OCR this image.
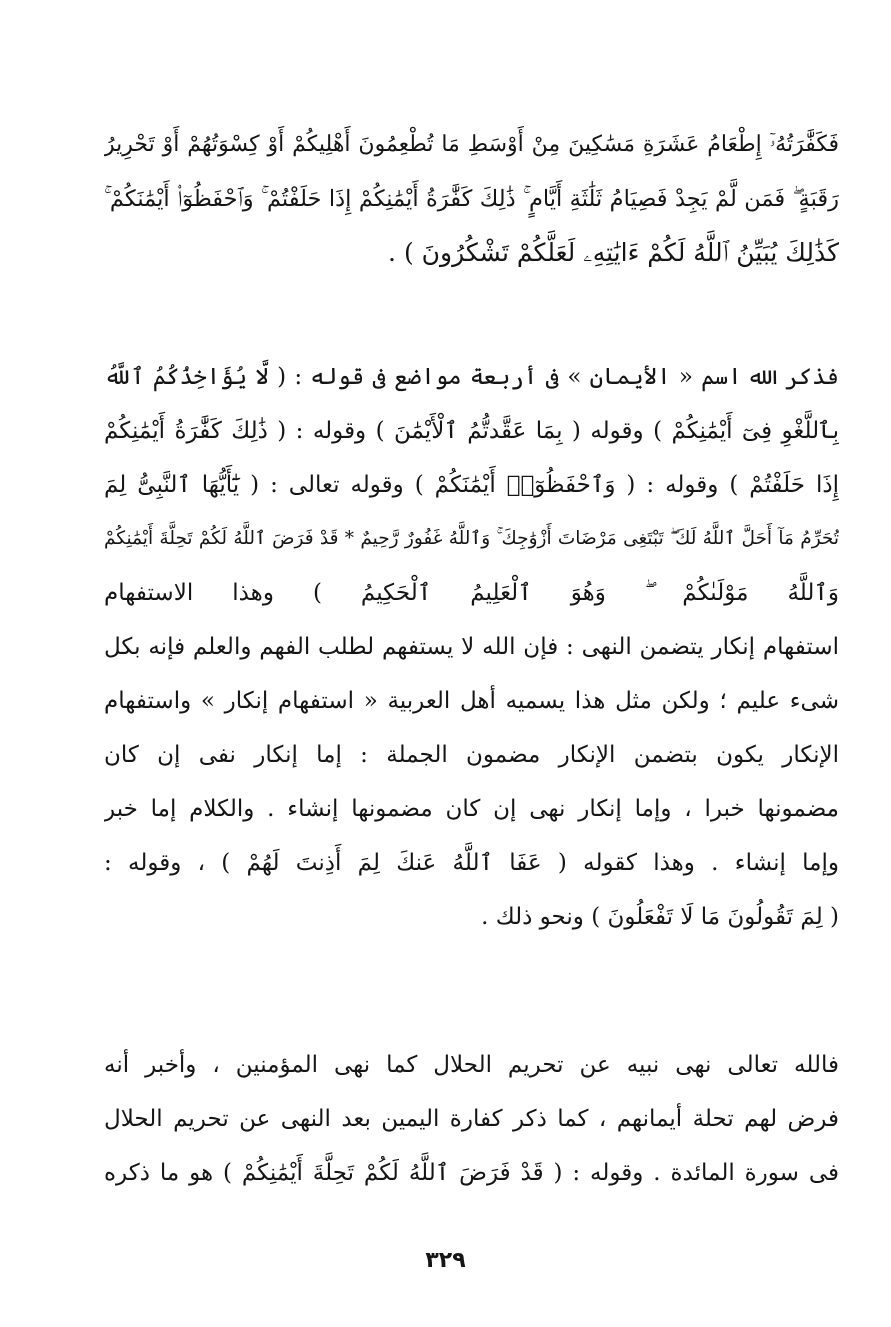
فَكَفَّٰرَتُهُۥٓ إِطْعَامُ عَشَرَةِ مَسَٰكِينَ مِنْ أَوْسَطِ مَا تُطْعِمُونَ أَهْلِيكُمْ أَوْ كِسْوَتُهُمْ أَوْ تَحْرِيرُ
رَقَبَةٍ ۖ فَمَن لَّمْ يَجِدْ فَصِيَامُ ثَلَٰثَةِ أَيَّامٍ ۚ ذَٰلِكَ كَفَّٰرَةُ أَيْمَٰنِكُمْ إِذَا حَلَفْتُمْ ۚ وَٱحْفَظُوٓا۟ أَيْمَٰنَكُمْ ۚ
كَذَٰلِكَ يُبَيِّنُ ٱللَّهُ لَكُمْ ءَايَٰتِهِۦ لَعَلَّكُمْ تَشْكُرُونَ ) .
فذكر الله اسم « الأيمان » فى أربعة مواضع فى قوله : ( لَّا يُؤَاخِذُكُمُ ٱللَّهُ
بِٱللَّغْوِ فِىٓ أَيْمَٰنِكُمْ ) وقوله ( بِمَا عَقَّدتُّمُ ٱلْأَيْمَٰنَ ) وقوله : ( ذَٰلِكَ كَفَّٰرَةُ أَيْمَٰنِكُمْ
إِذَا حَلَفْتُمْ ) وقوله : ( وَٱحْفَظُوٓا۟ أَيْمَٰنَكُمْ ) وقوله تعالى : ( يَٰٓأَيُّهَا ٱلنَّبِىُّ لِمَ
تُحَرِّمُ مَآ أَحَلَّ ٱللَّهُ لَكَ ۖ تَبْتَغِى مَرْضَاتَ أَزْوَٰجِكَ ۚ وَٱللَّهُ غَفُورٌ رَّحِيمٌ * قَدْ فَرَضَ ٱللَّهُ لَكُمْ تَحِلَّةَ أَيْمَٰنِكُمْ
وَٱللَّهُ مَوْلَىٰكُمْ ۖ وَهُوَ ٱلْعَلِيمُ ٱلْحَكِيمُ ) وهذا الاستفهام
استفهام إنكار يتضمن النهى : فإن الله لا يستفهم لطلب الفهم والعلم فإنه بكل
شىء عليم ؛ ولكن مثل هذا يسميه أهل العربية « استفهام إنكار » واستفهام
الإنكار يكون بتضمن الإنكار مضمون الجملة : إما إنكار نفى إن كان
مضمونها خبرا ، وإما إنكار نهى إن كان مضمونها إنشاء . والكلام إما خبر
وإما إنشاء . وهذا كقوله ( عَفَا ٱللَّهُ عَنكَ لِمَ أَذِنتَ لَهُمْ ) ، وقوله :
( لِمَ تَقُولُونَ مَا لَا تَفْعَلُونَ ) ونحو ذلك .
فالله تعالى نهى نبيه عن تحريم الحلال كما نهى المؤمنين ، وأخبر أنه
فرض لهم تحلة أيمانهم ، كما ذكر كفارة اليمين بعد النهى عن تحريم الحلال
فى سورة المائدة . وقوله : ( قَدْ فَرَضَ ٱللَّهُ لَكُمْ تَحِلَّةَ أَيْمَٰنِكُمْ ) هو ما ذكره
٣٢٩
